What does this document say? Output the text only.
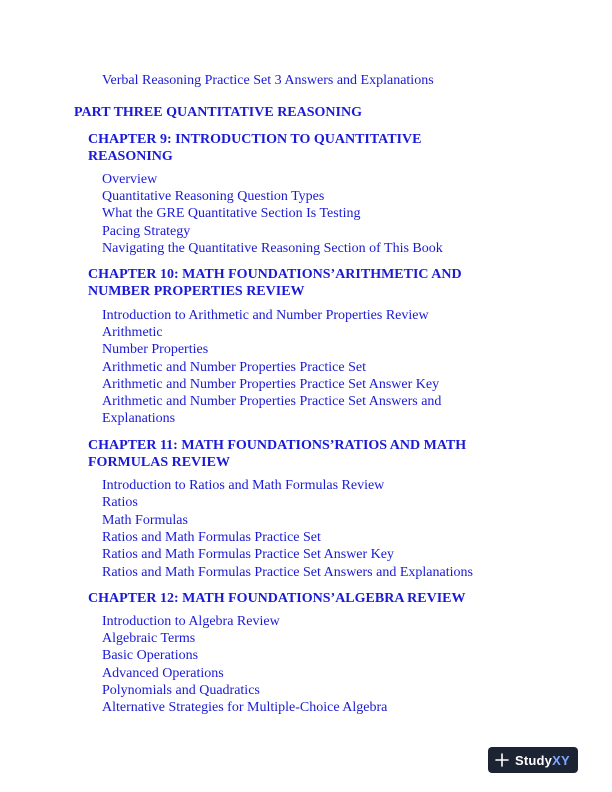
Verbal Reasoning Practice Set 3 Answers and Explanations
PART THREE QUANTITATIVE REASONING
CHAPTER 9: INTRODUCTION TO QUANTITATIVE
REASONING
Overview
Quantitative Reasoning Question Types
What the GRE Quantitative Section Is Testing
Pacing Strategy
Navigating the Quantitative Reasoning Section of This Book
CHAPTER 10: MATH FOUNDATIONS’ARITHMETIC AND
NUMBER PROPERTIES REVIEW
Introduction to Arithmetic and Number Properties Review
Arithmetic
Number Properties
Arithmetic and Number Properties Practice Set
Arithmetic and Number Properties Practice Set Answer Key
Arithmetic and Number Properties Practice Set Answers and
Explanations
CHAPTER 11: MATH FOUNDATIONS’RATIOS AND MATH
FORMULAS REVIEW
Introduction to Ratios and Math Formulas Review
Ratios
Math Formulas
Ratios and Math Formulas Practice Set
Ratios and Math Formulas Practice Set Answer Key
Ratios and Math Formulas Practice Set Answers and Explanations
CHAPTER 12: MATH FOUNDATIONS’ALGEBRA REVIEW
Introduction to Algebra Review
Algebraic Terms
Basic Operations
Advanced Operations
Polynomials and Quadratics
Alternative Strategies for Multiple-Choice Algebra
StudyXY
